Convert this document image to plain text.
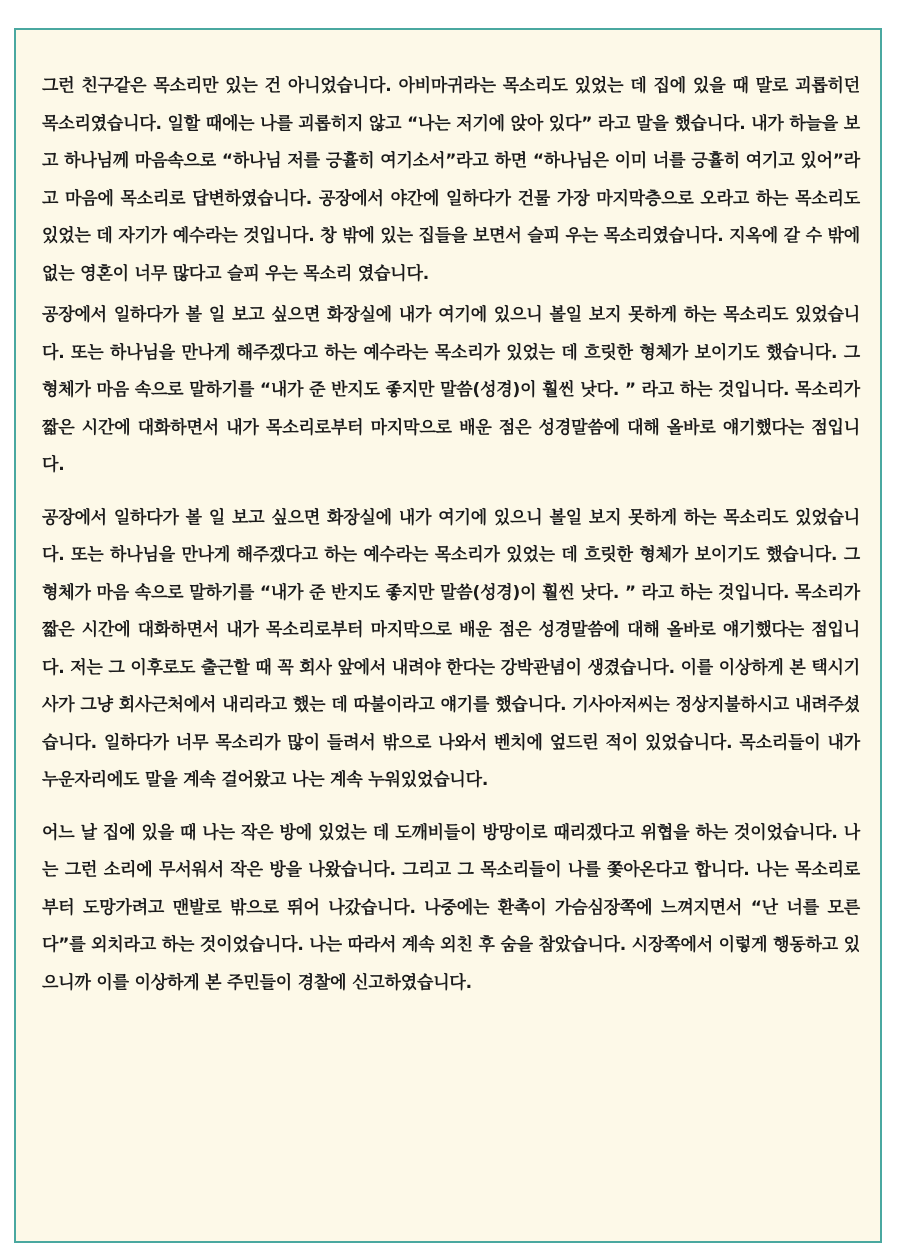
그런 친구같은 목소리만 있는 건 아니었습니다. 아비마귀라는 목소리도 있었는 데 집에 있을 때 말로 괴롭히던 목소리였습니다. 일할 때에는 나를 괴롭히지 않고 “나는 저기에 앉아 있다” 라고 말을 했습니다. 내가 하늘을 보고 하나님께 마음속으로 “하나님 저를 긍휼히 여기소서”라고 하면 “하나님은 이미 너를 긍휼히 여기고 있어”라고 마음에 목소리로 답변하였습니다. 공장에서 야간에 일하다가 건물 가장 마지막층으로 오라고 하는 목소리도 있었는 데 자기가 예수라는 것입니다. 창 밖에 있는 집들을 보면서 슬피 우는 목소리였습니다. 지옥에 갈 수 밖에 없는 영혼이 너무 많다고 슬피 우는 목소리 였습니다.

공장에서 일하다가 볼 일 보고 싶으면 화장실에 내가 여기에 있으니 볼일 보지 못하게 하는 목소리도 있었습니다. 또는 하나님을 만나게 해주겠다고 하는 예수라는 목소리가 있었는 데 흐릿한 형체가 보이기도 했습니다. 그 형체가 마음 속으로 말하기를 “내가 준 반지도 좋지만 말씀(성경)이 훨씬 낫다. ” 라고 하는 것입니다. 목소리가 짧은 시간에 대화하면서 내가 목소리로부터 마지막으로 배운 점은 성경말씀에 대해 올바로 얘기했다는 점입니다.

공장에서 일하다가 볼 일 보고 싶으면 화장실에 내가 여기에 있으니 볼일 보지 못하게 하는 목소리도 있었습니다. 또는 하나님을 만나게 해주겠다고 하는 예수라는 목소리가 있었는 데 흐릿한 형체가 보이기도 했습니다. 그 형체가 마음 속으로 말하기를 “내가 준 반지도 좋지만 말씀(성경)이 훨씬 낫다. ” 라고 하는 것입니다. 목소리가 짧은 시간에 대화하면서 내가 목소리로부터 마지막으로 배운 점은 성경말씀에 대해 올바로 얘기했다는 점입니다. 저는 그 이후로도 출근할 때 꼭 회사 앞에서 내려야 한다는 강박관념이 생겼습니다. 이를 이상하게 본 택시기사가 그냥 회사근처에서 내리라고 했는 데 따불이라고 얘기를 했습니다. 기사아저씨는 정상지불하시고 내려주셨습니다. 일하다가 너무 목소리가 많이 들려서 밖으로 나와서 벤치에 엎드린 적이 있었습니다. 목소리들이 내가 누운자리에도 말을 계속 걸어왔고 나는 계속 누워있었습니다.

어느 날 집에 있을 때 나는 작은 방에 있었는 데 도깨비들이 방망이로 때리겠다고 위협을 하는 것이었습니다. 나는 그런 소리에 무서워서 작은 방을 나왔습니다. 그리고 그 목소리들이 나를 쫓아온다고 합니다. 나는 목소리로부터 도망가려고 맨발로 밖으로 뛰어 나갔습니다. 나중에는 환촉이 가슴심장쪽에 느껴지면서 “난 너를 모른다”를 외치라고 하는 것이었습니다. 나는 따라서 계속 외친 후 숨을 참았습니다. 시장쪽에서 이렇게 행동하고 있으니까 이를 이상하게 본 주민들이 경찰에 신고하였습니다.
